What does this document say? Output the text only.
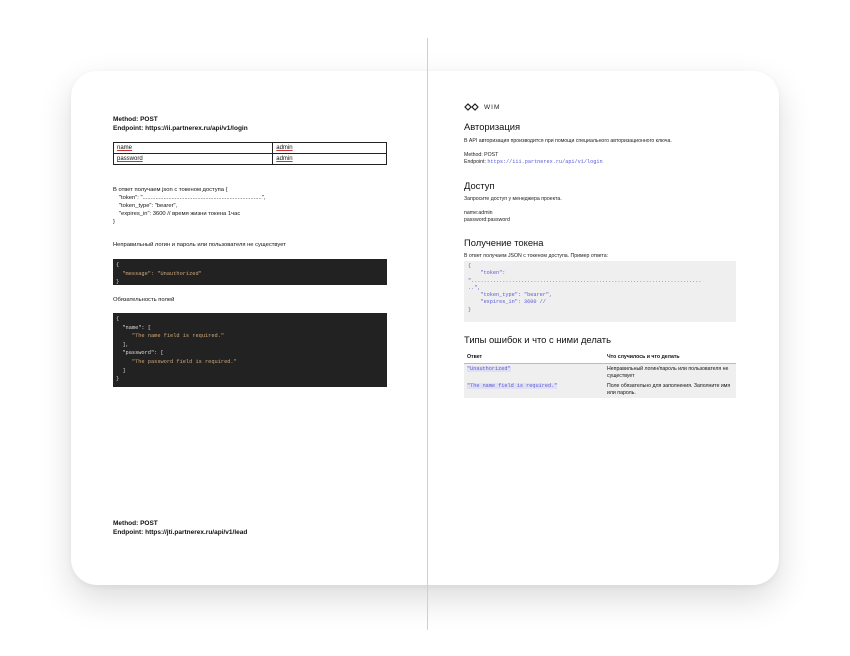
Method: POST
Endpoint: https://ii.partnerex.ru/api/v1/login
name	admin
password	admin
В ответ получаем json с токеном доступа {
"token": "..........................................................................",
"token_type": "bearer",
"expires_in": 3600 // время жизни токена 1час
}
Неправильный логин и пароль или пользователя не существует
{
"message": "Unauthorized"
}
Обязательность полей
{
"name": [
"The name field is required."
],
"password": [
"The password field is required."
]
}
Method: POST
Endpoint: https://jti.partnerex.ru/api/v1/lead
WIM
Авторизация
В API авторизация производится при помощи специального авторизационного ключа.
Method: POST
Endpoint: https://iii.partnerex.ru/api/v1/login
Доступ
Запросите доступ у менеджера проекта.
name:admin
password:password
Получение токена
В ответ получаем JSON с токеном доступа. Пример ответа:
{
"token":
"..........................................................................
..",
"token_type": "bearer",
"expires_in": 3600 //
}
Типы ошибок и что с ними делать
Ответ	Что случилось и что делать
"Unauthorized"	Неправильный логин/пароль или пользователя не существует
"The name field is required."	Поле обязательно для заполнения. Заполните имя или пароль.
